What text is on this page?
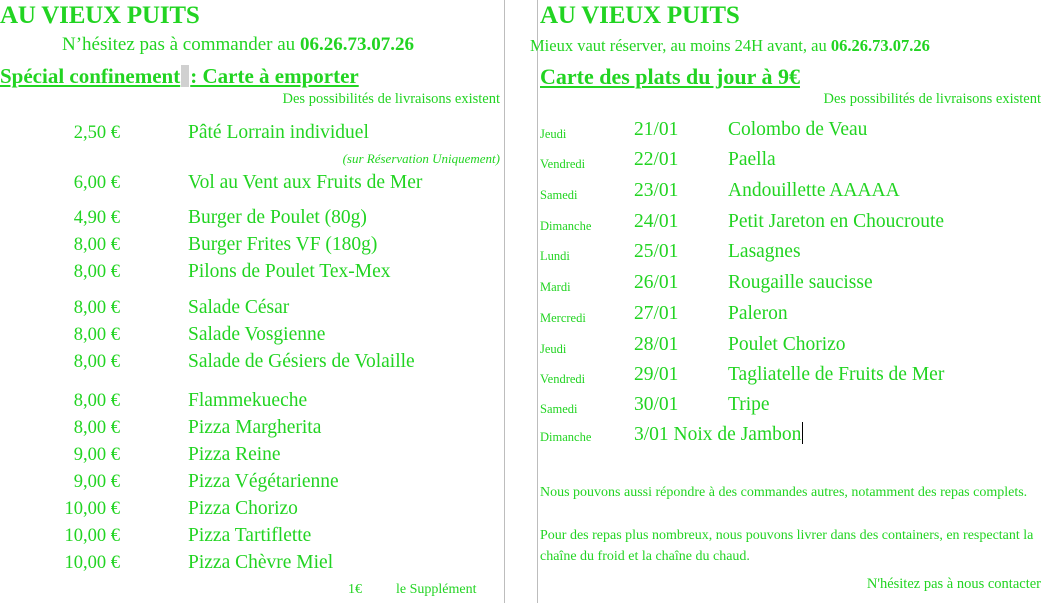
AU VIEUX PUITS
N’hésitez pas à commander au 06.26.73.07.26
Spécial confinement : Carte à emporter
Des possibilités de livraisons existent
2,50 €	Pâté Lorrain individuel
6,00 €	Vol au Vent aux Fruits de Mer
4,90 €	Burger de Poulet (80g)
8,00 €	Burger Frites VF (180g)
8,00 €	Pilons de Poulet Tex-Mex
8,00 €	Salade César
8,00 €	Salade Vosgienne
8,00 €	Salade de Gésiers de Volaille
8,00 €	Flammekueche
8,00 €	Pizza Margherita
9,00 €	Pizza Reine
9,00 €	Pizza Végétarienne
10,00 €	Pizza Chorizo
10,00 €	Pizza Tartiflette
10,00 €	Pizza Chèvre Miel
(sur Réservation Uniquement)
1€ le Supplément
AU VIEUX PUITS
Mieux vaut réserver, au moins 24H avant, au 06.26.73.07.26
Carte des plats du jour à 9€
Des possibilités de livraisons existent
Jeudi	21/01	Colombo de Veau
Vendredi	22/01	Paella
Samedi	23/01	Andouillette AAAAA
Dimanche 24/01	Petit Jareton en Choucroute
Lundi	25/01	Lasagnes
Mardi	26/01	Rougaille saucisse
Mercredi 27/01	Paleron
Jeudi	28/01	Poulet Chorizo
Vendredi	29/01	Tagliatelle de Fruits de Mer
Samedi	30/01	Tripe
Dimanche 3/01 Noix de Jambon
Nous pouvons aussi répondre à des commandes autres, notamment des repas complets.
Pour des repas plus nombreux, nous pouvons livrer dans des containers, en respectant la chaîne du froid et la chaîne du chaud.
N'hésitez pas à nous contacter
